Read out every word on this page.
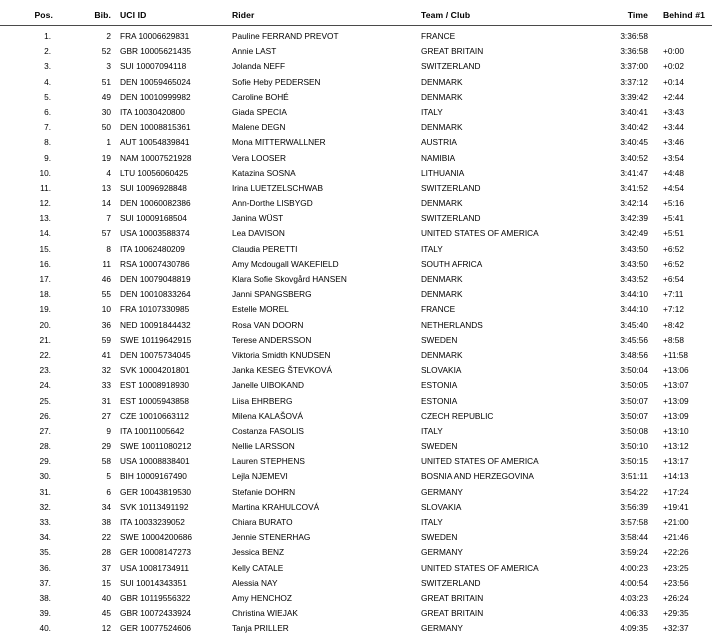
Pos.	Bib.	UCI ID	Rider	Team / Club	Time	Behind #1
1.	2	FRA 10006629831	Pauline FERRAND PREVOT	FRANCE	3:36:58	
2.	52	GBR 10005621435	Annie LAST	GREAT BRITAIN	3:36:58	+0:00
3.	3	SUI 10007094118	Jolanda NEFF	SWITZERLAND	3:37:00	+0:02
4.	51	DEN 10059465024	Sofie Heby PEDERSEN	DENMARK	3:37:12	+0:14
5.	49	DEN 10010999982	Caroline BOHÉ	DENMARK	3:39:42	+2:44
6.	30	ITA 10030420800	Giada SPECIA	ITALY	3:40:41	+3:43
7.	50	DEN 10008815361	Malene DEGN	DENMARK	3:40:42	+3:44
8.	1	AUT 10054839841	Mona MITTERWALLNER	AUSTRIA	3:40:45	+3:46
9.	19	NAM 10007521928	Vera LOOSER	NAMIBIA	3:40:52	+3:54
10.	4	LTU 10056060425	Katazina SOSNA	LITHUANIA	3:41:47	+4:48
11.	13	SUI 10096928848	Irina LUETZELSCHWAB	SWITZERLAND	3:41:52	+4:54
12.	14	DEN 10060082386	Ann-Dorthe LISBYGD	DENMARK	3:42:14	+5:16
13.	7	SUI 10009168504	Janina WÜST	SWITZERLAND	3:42:39	+5:41
14.	57	USA 10003588374	Lea DAVISON	UNITED STATES OF AMERICA	3:42:49	+5:51
15.	8	ITA 10062480209	Claudia PERETTI	ITALY	3:43:50	+6:52
16.	11	RSA 10007430786	Amy Mcdougall WAKEFIELD	SOUTH AFRICA	3:43:50	+6:52
17.	46	DEN 10079048819	Klara Sofie Skovgård HANSEN	DENMARK	3:43:52	+6:54
18.	55	DEN 10010833264	Janni SPANGSBERG	DENMARK	3:44:10	+7:11
19.	10	FRA 10107330985	Estelle MOREL	FRANCE	3:44:10	+7:12
20.	36	NED 10091844432	Rosa VAN DOORN	NETHERLANDS	3:45:40	+8:42
21.	59	SWE 10119642915	Terese ANDERSSON	SWEDEN	3:45:56	+8:58
22.	41	DEN 10075734045	Viktoria Smidth KNUDSEN	DENMARK	3:48:56	+11:58
23.	32	SVK 10004201801	Janka KESEG ŠTEVKOVÁ	SLOVAKIA	3:50:04	+13:06
24.	33	EST 10008918930	Janelle UIBOKAND	ESTONIA	3:50:05	+13:07
25.	31	EST 10005943858	Liisa EHRBERG	ESTONIA	3:50:07	+13:09
26.	27	CZE 10010663112	Milena KALAŠOVÁ	CZECH REPUBLIC	3:50:07	+13:09
27.	9	ITA 10011005642	Costanza FASOLIS	ITALY	3:50:08	+13:10
28.	29	SWE 10011080212	Nellie LARSSON	SWEDEN	3:50:10	+13:12
29.	58	USA 10008838401	Lauren STEPHENS	UNITED STATES OF AMERICA	3:50:15	+13:17
30.	5	BIH 10009167490	Lejla NJEMEVI	BOSNIA AND HERZEGOVINA	3:51:11	+14:13
31.	6	GER 10043819530	Stefanie DOHRN	GERMANY	3:54:22	+17:24
32.	34	SVK 10113491192	Martina KRAHULCOVÁ	SLOVAKIA	3:56:39	+19:41
33.	38	ITA 10033239052	Chiara BURATO	ITALY	3:57:58	+21:00
34.	22	SWE 10004200686	Jennie STENERHAG	SWEDEN	3:58:44	+21:46
35.	28	GER 10008147273	Jessica BENZ	GERMANY	3:59:24	+22:26
36.	37	USA 10081734911	Kelly CATALE	UNITED STATES OF AMERICA	4:00:23	+23:25
37.	15	SUI 10014343351	Alessia NAY	SWITZERLAND	4:00:54	+23:56
38.	40	GBR 10119556322	Amy HENCHOZ	GREAT BRITAIN	4:03:23	+26:24
39.	45	GBR 10072433924	Christina WIEJAK	GREAT BRITAIN	4:06:33	+29:35
40.	12	GER 10077524606	Tanja PRILLER	GERMANY	4:09:35	+32:37
